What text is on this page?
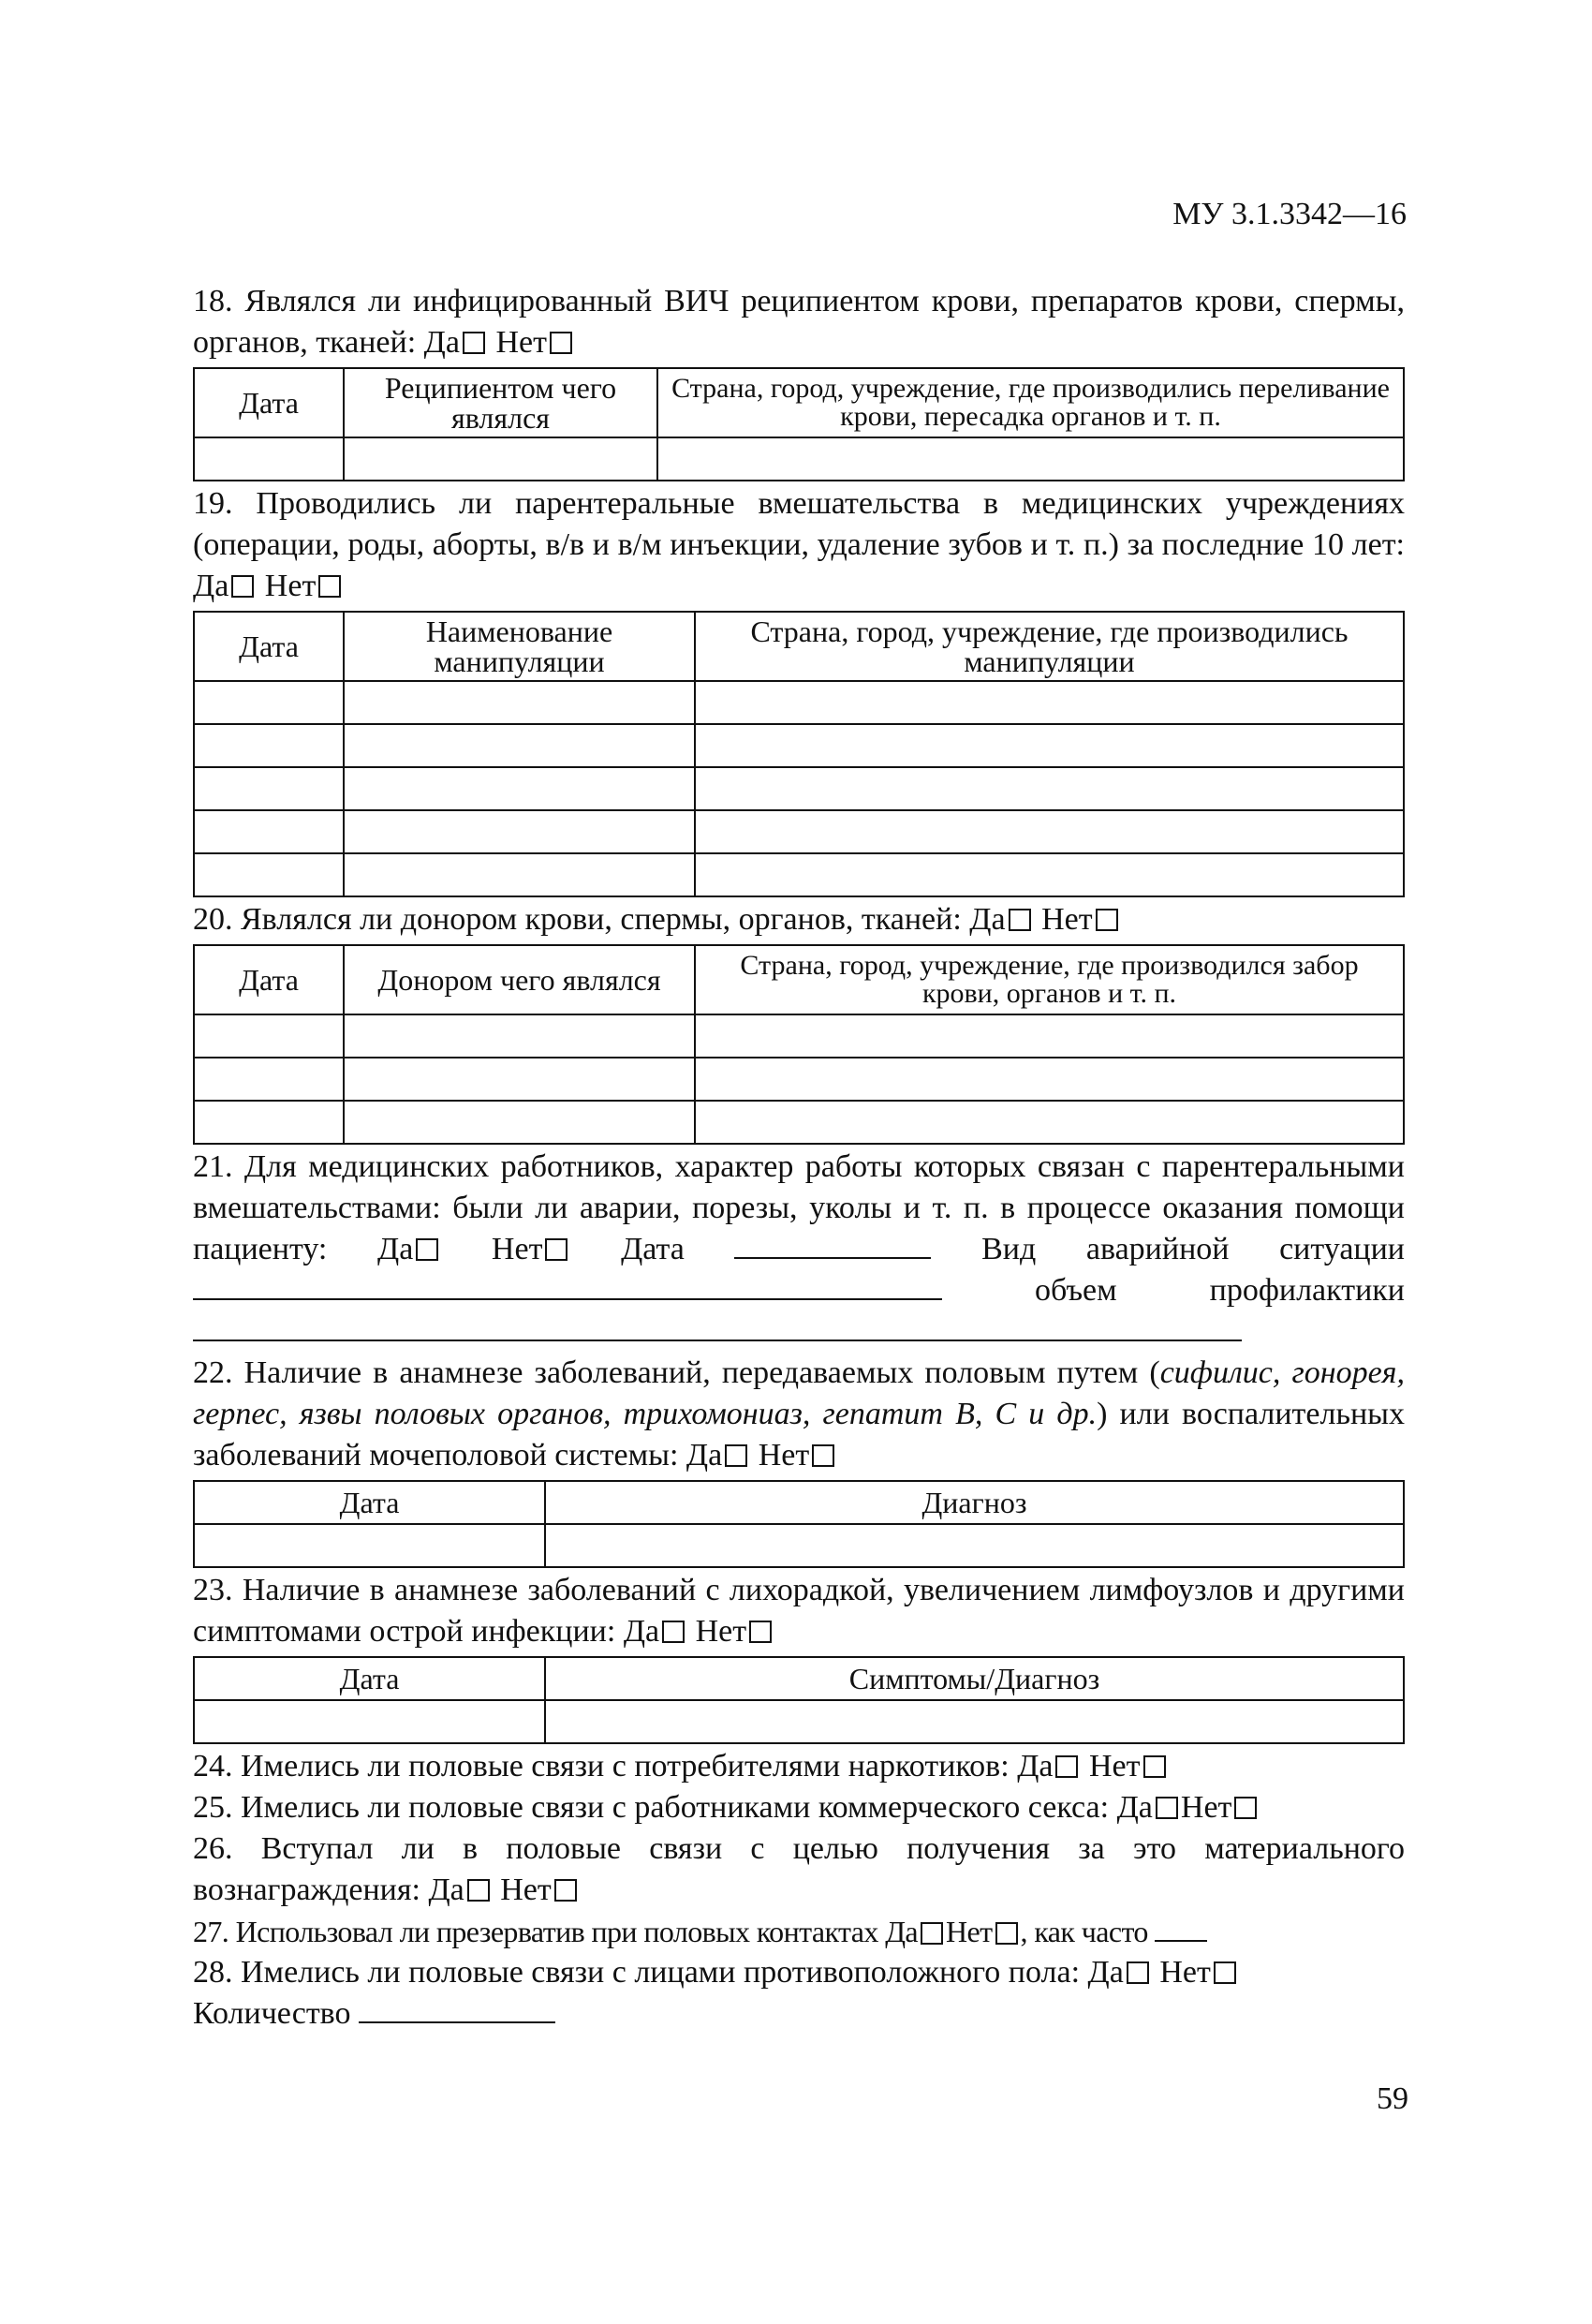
МУ 3.1.3342—16

18. Являлся ли инфицированный ВИЧ реципиентом крови, препаратов крови, спермы, органов, тканей: Да Нет

Дата	Реципиентом чего являлся	Страна, город, учреждение, где производились переливание крови, пересадка органов и т. п.

19. Проводились ли парентеральные вмешательства в медицинских учреждениях (операции, роды, аборты, в/в и в/м инъекции, удаление зубов и т. п.) за последние 10 лет: Да Нет

Дата	Наименование манипуляции	Страна, город, учреждение, где производились манипуляции

20. Являлся ли донором крови, спермы, органов, тканей: Да Нет

Дата	Донором чего являлся	Страна, город, учреждение, где производился забор крови, органов и т. п.

21. Для медицинских работников, характер работы которых связан с парентеральными вмешательствами: были ли аварии, порезы, уколы и т. п. в процессе оказания помощи пациенту: Да Нет Дата	Вид аварийной ситуации  объем профилактики

22. Наличие в анамнезе заболеваний, передаваемых половым путем (сифилис, гонорея, герпес, язвы половых органов, трихомониаз, гепатит В, С и др.) или воспалительных заболеваний мочеполовой системы: Да Нет

Дата	Диагноз

23. Наличие в анамнезе заболеваний с лихорадкой, увеличением лимфоузлов и другими симптомами острой инфекции: Да Нет

Дата	Симптомы/Диагноз

24. Имелись ли половые связи с потребителями наркотиков: Да Нет

25. Имелись ли половые связи с работниками коммерческого секса: Да Нет

26. Вступал ли в половые связи с целью получения за это материального вознаграждения: Да Нет

27. Использовал ли презерватив при половых контактах Да Нет , как часто

28. Имелись ли половые связи с лицами противоположного пола: Да Нет

Количество

59
